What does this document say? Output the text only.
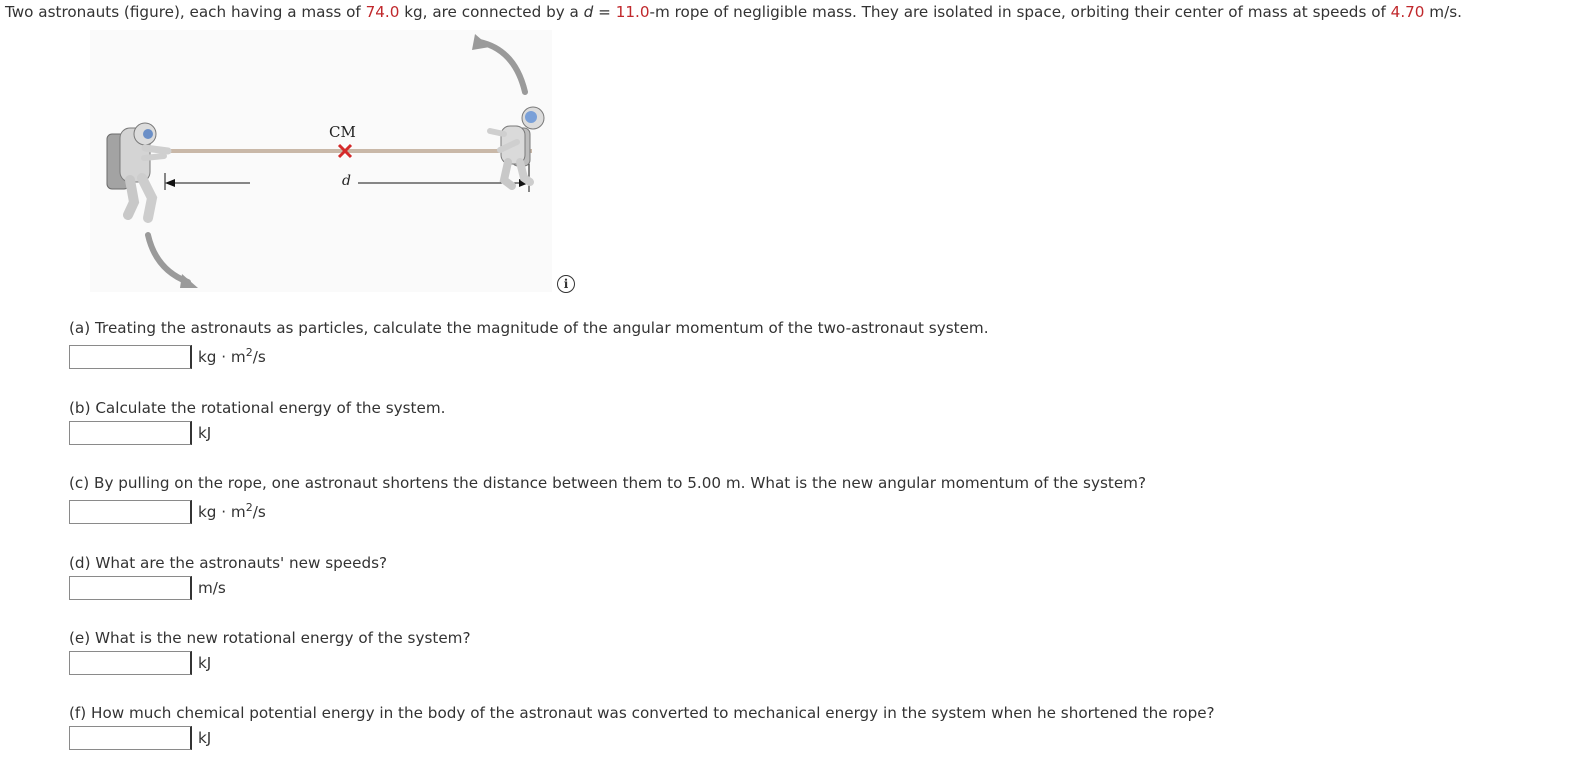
Two astronauts (figure), each having a mass of 74.0 kg, are connected by a d = 11.0-m rope of negligible mass. They are isolated in space, orbiting their center of mass at speeds of 4.70 m/s.
CM
d
i
(a) Treating the astronauts as particles, calculate the magnitude of the angular momentum of the two-astronaut system.
kg · $m^2/s$
(b) Calculate the rotational energy of the system.
kJ
(c) By pulling on the rope, one astronaut shortens the distance between them to 5.00 m. What is the new angular momentum of the system?
kg · $m^2/s$
(d) What are the astronauts' new speeds?
m/s
(e) What is the new rotational energy of the system?
kJ
(f) How much chemical potential energy in the body of the astronaut was converted to mechanical energy in the system when he shortened the rope?
kJ
